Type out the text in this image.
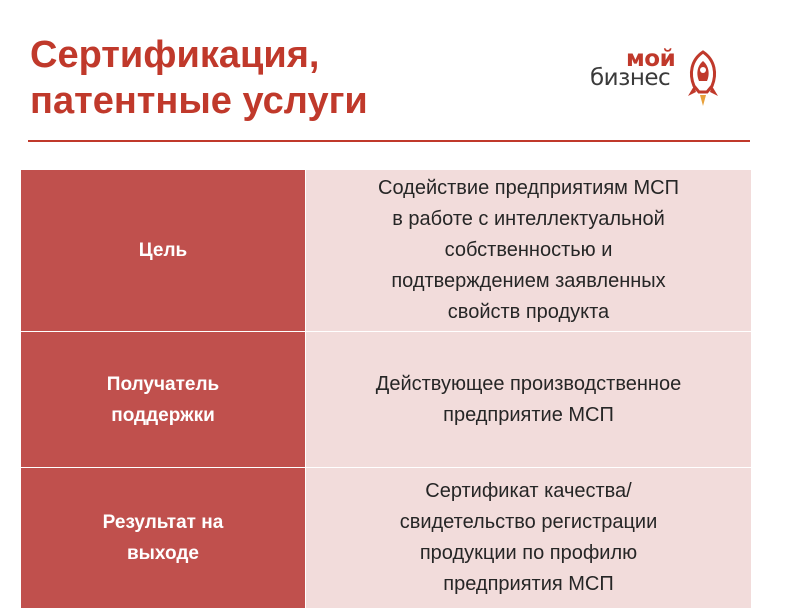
Сертификация,
патентные услуги
мой
бизнес
Цель	Содействие предприятиям МСП
в работе с интеллектуальной
собственностью и
подтверждением заявленных
свойств продукта

Получатель
поддержки	Действующее производственное
предприятие МСП

Результат на
выходе	Сертификат качества/
свидетельство регистрации
продукции по профилю
предприятия МСП
